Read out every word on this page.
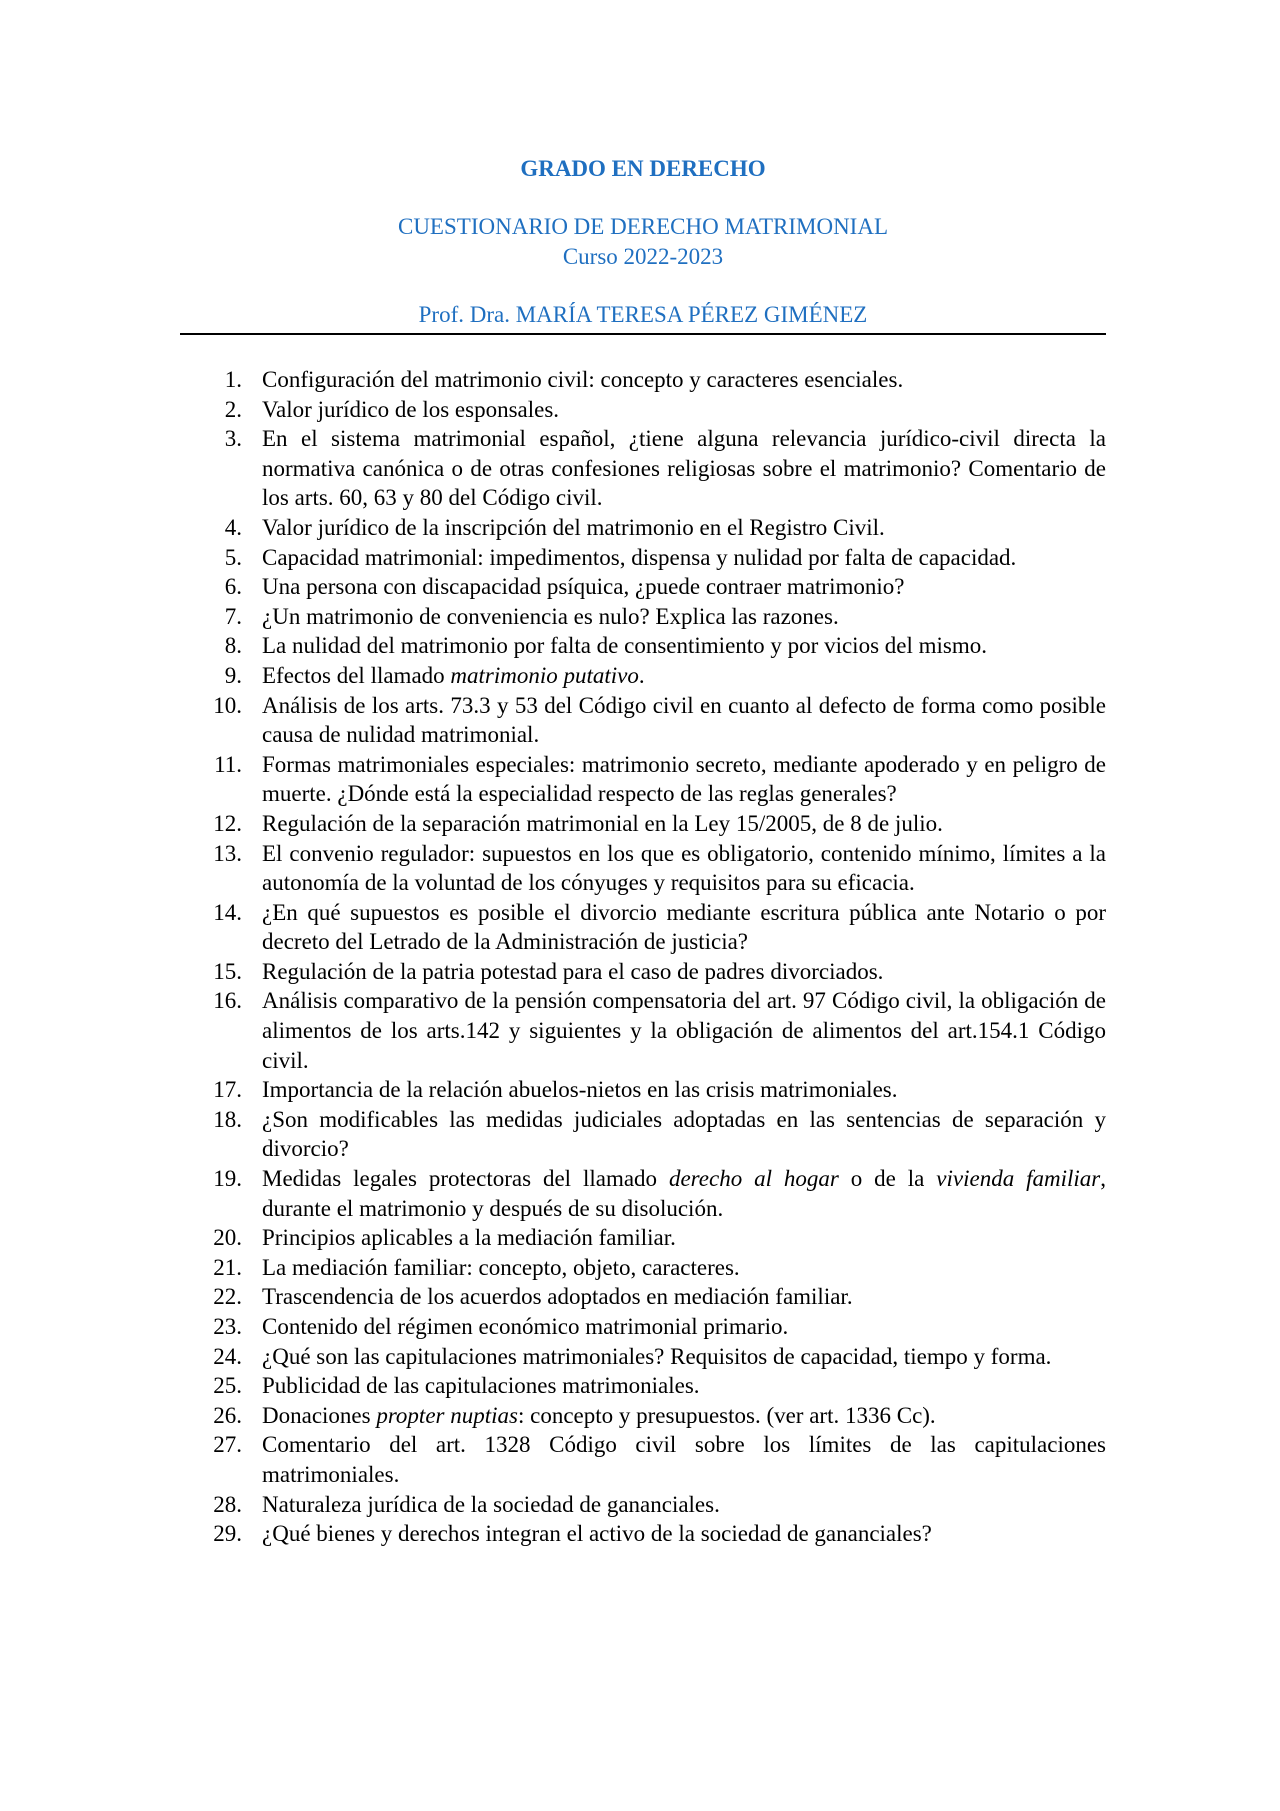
GRADO EN DERECHO
CUESTIONARIO DE DERECHO MATRIMONIAL
Curso 2022-2023
Prof. Dra. MARÍA TERESA PÉREZ GIMÉNEZ
1. Configuración del matrimonio civil: concepto y caracteres esenciales.
2. Valor jurídico de los esponsales.
3. En el sistema matrimonial español, ¿tiene alguna relevancia jurídico-civil directa la normativa canónica o de otras confesiones religiosas sobre el matrimonio? Comentario de los arts. 60, 63 y 80 del Código civil.
4. Valor jurídico de la inscripción del matrimonio en el Registro Civil.
5. Capacidad matrimonial: impedimentos, dispensa y nulidad por falta de capacidad.
6. Una persona con discapacidad psíquica, ¿puede contraer matrimonio?
7. ¿Un matrimonio de conveniencia es nulo? Explica las razones.
8. La nulidad del matrimonio por falta de consentimiento y por vicios del mismo.
9. Efectos del llamado matrimonio putativo.
10. Análisis de los arts. 73.3 y 53 del Código civil en cuanto al defecto de forma como posible causa de nulidad matrimonial.
11. Formas matrimoniales especiales: matrimonio secreto, mediante apoderado y en peligro de muerte. ¿Dónde está la especialidad respecto de las reglas generales?
12. Regulación de la separación matrimonial en la Ley 15/2005, de 8 de julio.
13. El convenio regulador: supuestos en los que es obligatorio, contenido mínimo, límites a la autonomía de la voluntad de los cónyuges y requisitos para su eficacia.
14. ¿En qué supuestos es posible el divorcio mediante escritura pública ante Notario o por decreto del Letrado de la Administración de justicia?
15. Regulación de la patria potestad para el caso de padres divorciados.
16. Análisis comparativo de la pensión compensatoria del art. 97 Código civil, la obligación de alimentos de los arts.142 y siguientes y la obligación de alimentos del art.154.1 Código civil.
17. Importancia de la relación abuelos-nietos en las crisis matrimoniales.
18. ¿Son modificables las medidas judiciales adoptadas en las sentencias de separación y divorcio?
19. Medidas legales protectoras del llamado derecho al hogar o de la vivienda familiar, durante el matrimonio y después de su disolución.
20. Principios aplicables a la mediación familiar.
21. La mediación familiar: concepto, objeto, caracteres.
22. Trascendencia de los acuerdos adoptados en mediación familiar.
23. Contenido del régimen económico matrimonial primario.
24. ¿Qué son las capitulaciones matrimoniales? Requisitos de capacidad, tiempo y forma.
25. Publicidad de las capitulaciones matrimoniales.
26. Donaciones propter nuptias: concepto y presupuestos. (ver art. 1336 Cc).
27. Comentario del art. 1328 Código civil sobre los límites de las capitulaciones matrimoniales.
28. Naturaleza jurídica de la sociedad de gananciales.
29. ¿Qué bienes y derechos integran el activo de la sociedad de gananciales?
